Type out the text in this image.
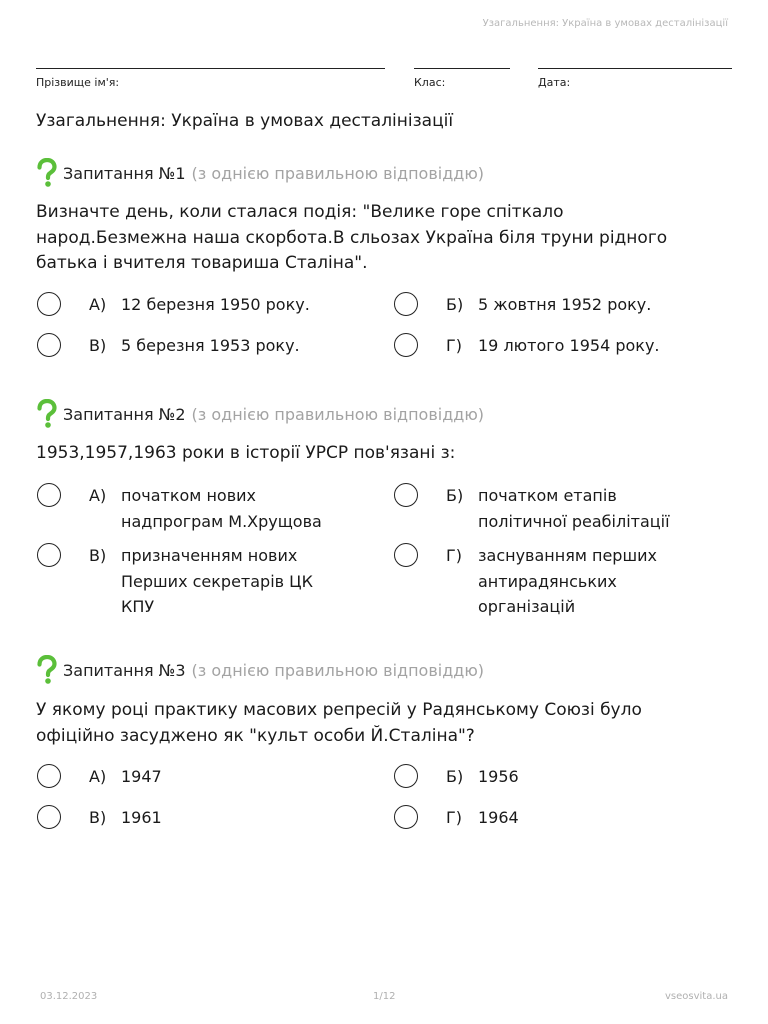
Узагальнення: Україна в умовах десталінізації
Прізвище ім'я:	Клас:	Дата:
Узагальнення: Україна в умовах десталінізації
Запитання №1 (з однією правильною відповіддю)
Визначте день, коли сталася подія: "Велике горе спіткало народ.Безмежна наша скорбота.В сльозах Україна біля труни рідного батька і вчителя товариша Сталіна".
А) 12 березня 1950 року.	Б) 5 жовтня 1952 року.
В) 5 березня 1953 року.	Г)	19 лютого 1954 року.
Запитання №2 (з однією правильною відповіддю)
1953,1957,1963 роки в історії УРСР пов'язані з:
А) початком нових надпрограм М.Хрущова
Б) початком етапів політичної реабілітації
В) призначенням нових Перших секретарів ЦК КПУ
Г)	заснуванням перших антирадянських організацій
Запитання №3 (з однією правильною відповіддю)
У якому році практику масових репресій у Радянському Союзі було офіційно засуджено як "культ особи Й.Сталіна"?
А) 1947	Б) 1956
В) 1961	Г)	1964
03.12.2023	1/12	vseosvita.ua
